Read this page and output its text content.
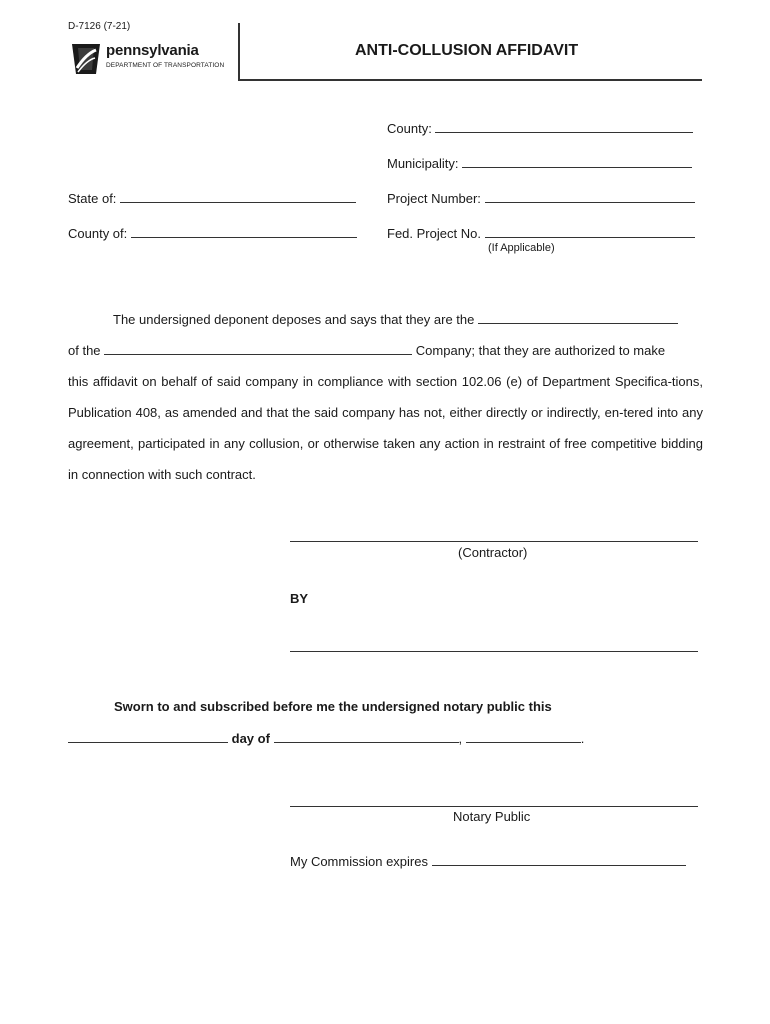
D-7126 (7-21)
pennsylvania
DEPARTMENT OF TRANSPORTATION
ANTI-COLLUSION AFFIDAVIT
County:
Municipality:
Project Number:
Fed. Project No.
(If Applicable)
State of:
County of:
The undersigned deponent deposes and says that they are the
of the	Company; that they are authorized to make
this affidavit on behalf of said company in compliance with section 102.06 (e) of Department Specifica-tions, Publication 408, as amended and that the said company has not, either directly or indirectly, en-tered into any agreement, participated in any collusion, or otherwise taken any action in restraint of free competitive bidding in connection with such contract.
(Contractor)
BY
Sworn to and subscribed before me the undersigned notary public this
day of	,	.
Notary Public
My Commission expires
